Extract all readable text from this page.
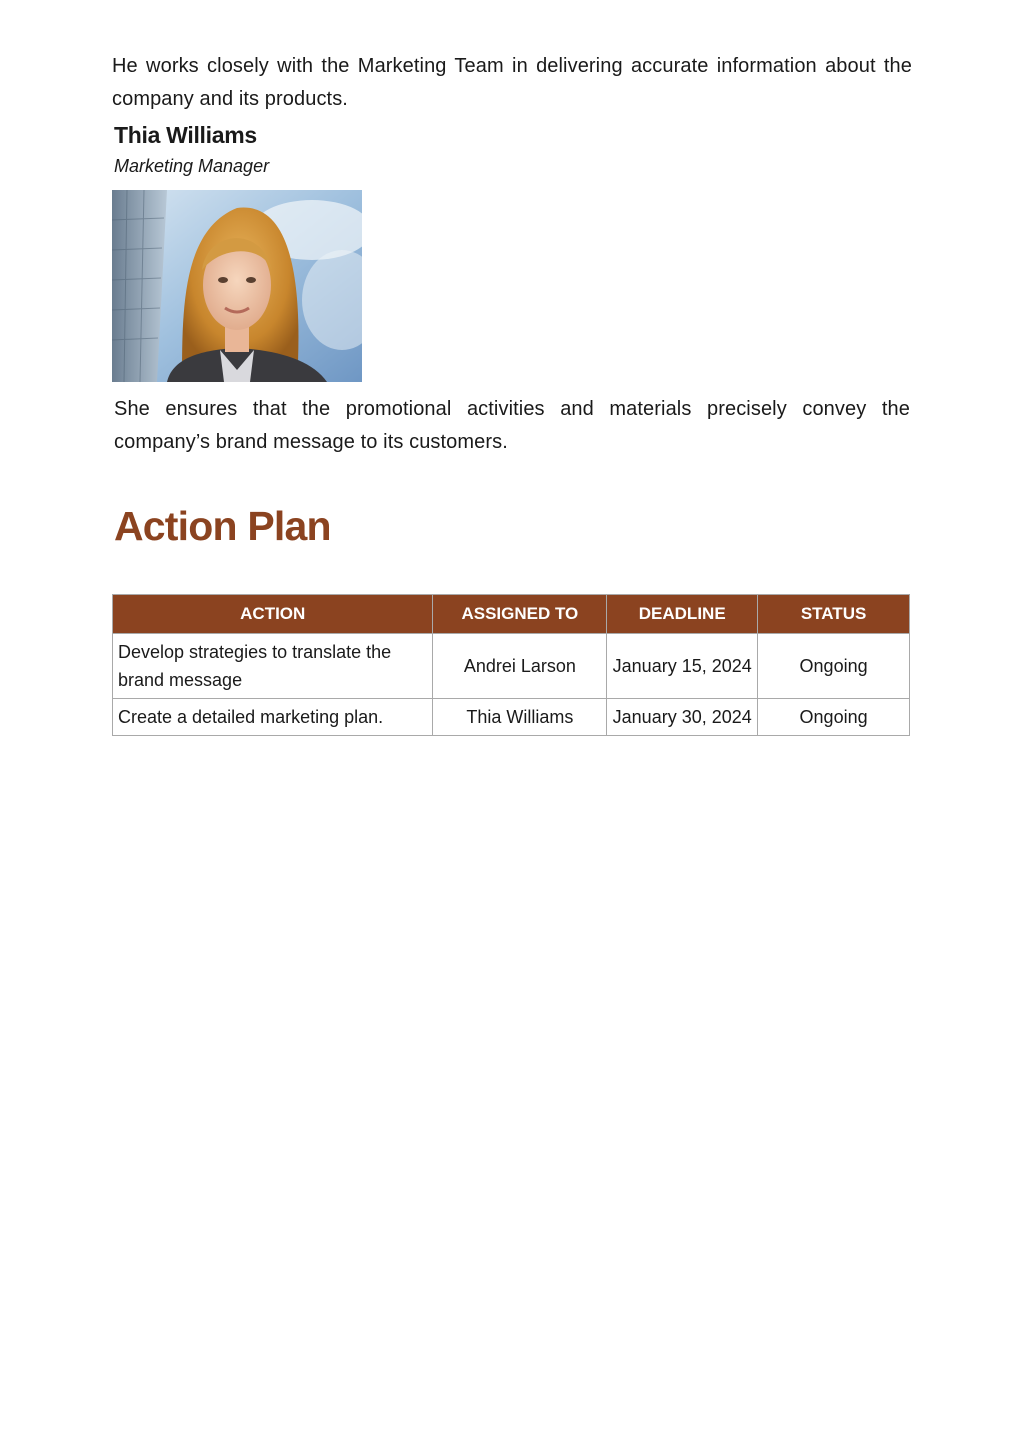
He works closely with the Marketing Team in delivering accurate information about the company and its products.

Thia Williams
Marketing Manager

She ensures that the promotional activities and materials precisely convey the company’s brand message to its customers.

Action Plan
ACTION	ASSIGNED TO	DEADLINE	STATUS
Develop strategies to translate the brand message	Andrei Larson	January 15, 2024	Ongoing
Create a detailed marketing plan.	Thia Williams	January 30, 2024	Ongoing
